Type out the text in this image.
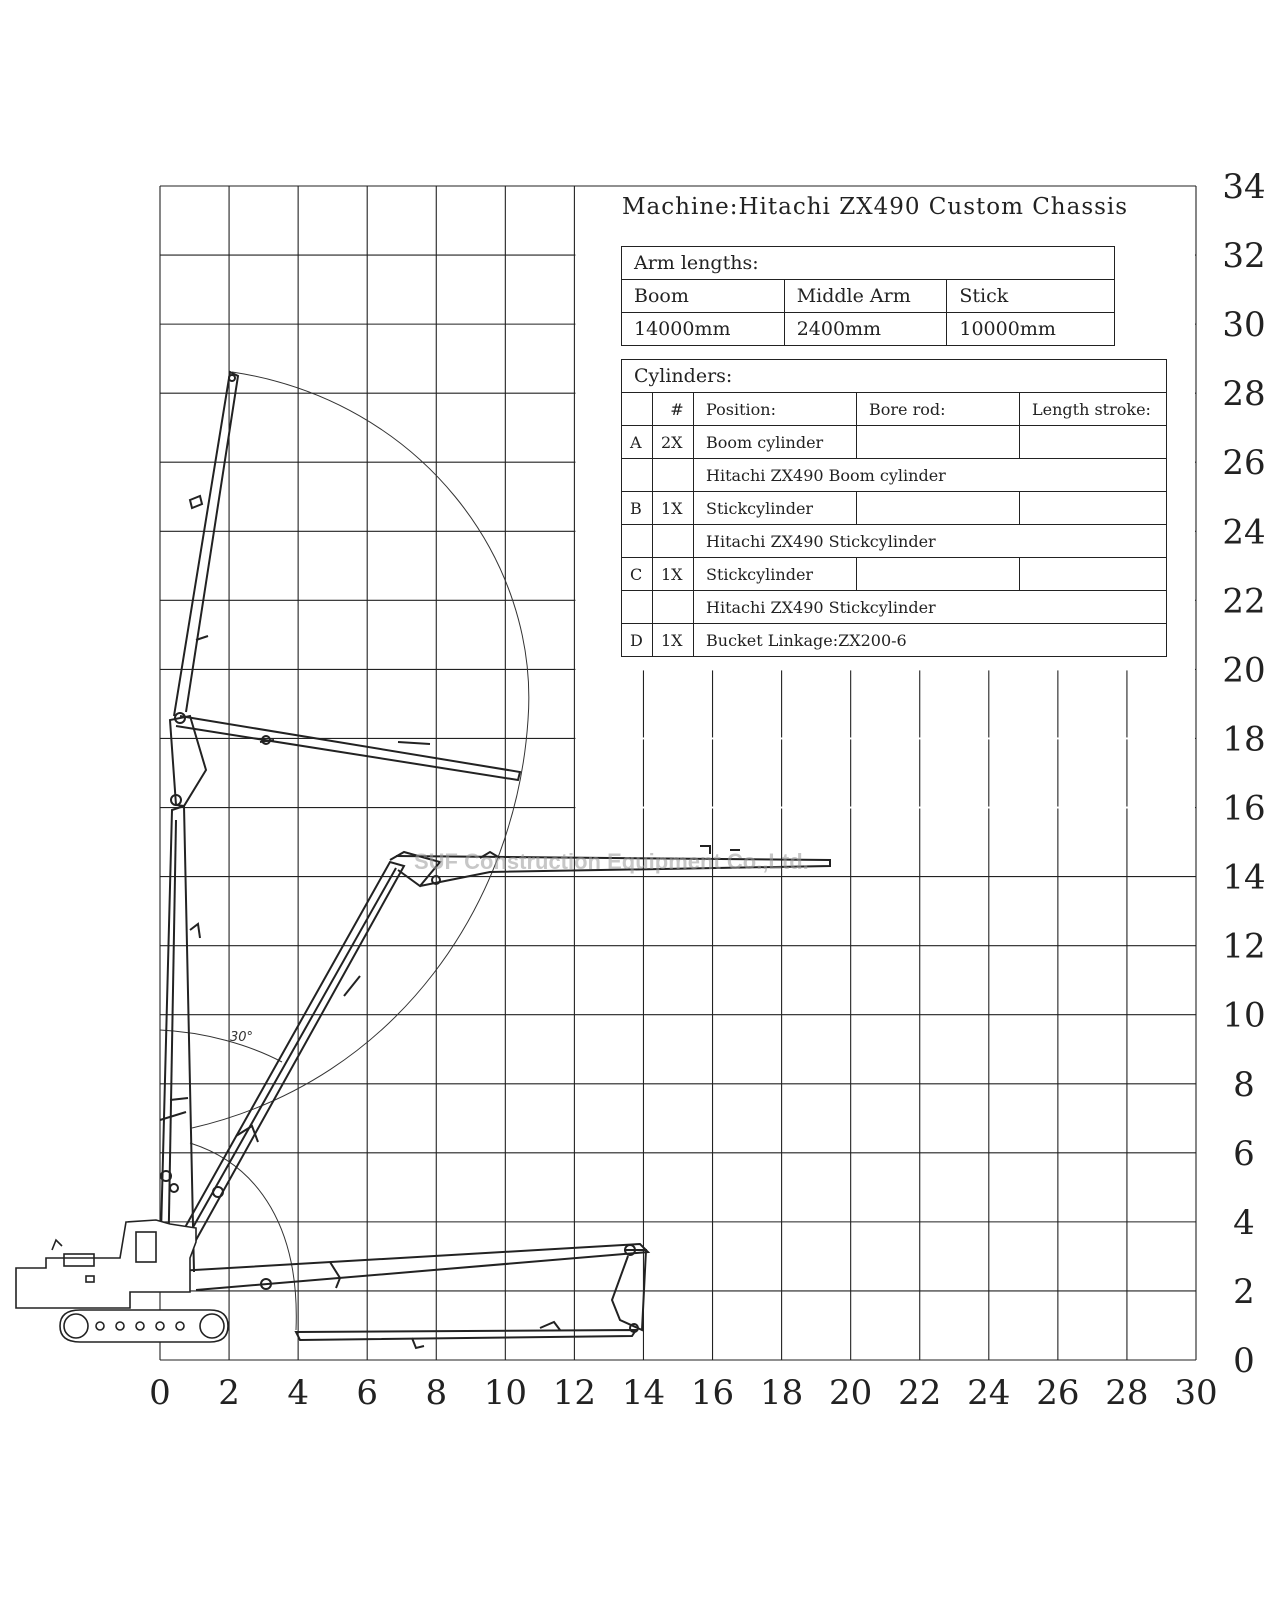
0 2 4 6 8 10 12 14 16 18 20 22 24 26 28 30
0
2
4
6
8
10
12
14
16
18
20
22
24
26
28
30
32
34
30°
Machine:Hitachi ZX490 Custom Chassis
Arm lengths:		
Boom	Middle Arm	Stick
14000mm	2400mm	10000mm
Cylinders:				
	#	Position:	Bore rod:	Length stroke:
A	2X	Boom cylinder		
		Hitachi ZX490 Boom cylinder		
B	1X	Stickcylinder		
		Hitachi ZX490 Stickcylinder		
C	1X	Stickcylinder		
		Hitachi ZX490 Stickcylinder		
D	1X	Bucket Linkage:ZX200-6		
SUF Construction Equipment Co.,Ltd.
